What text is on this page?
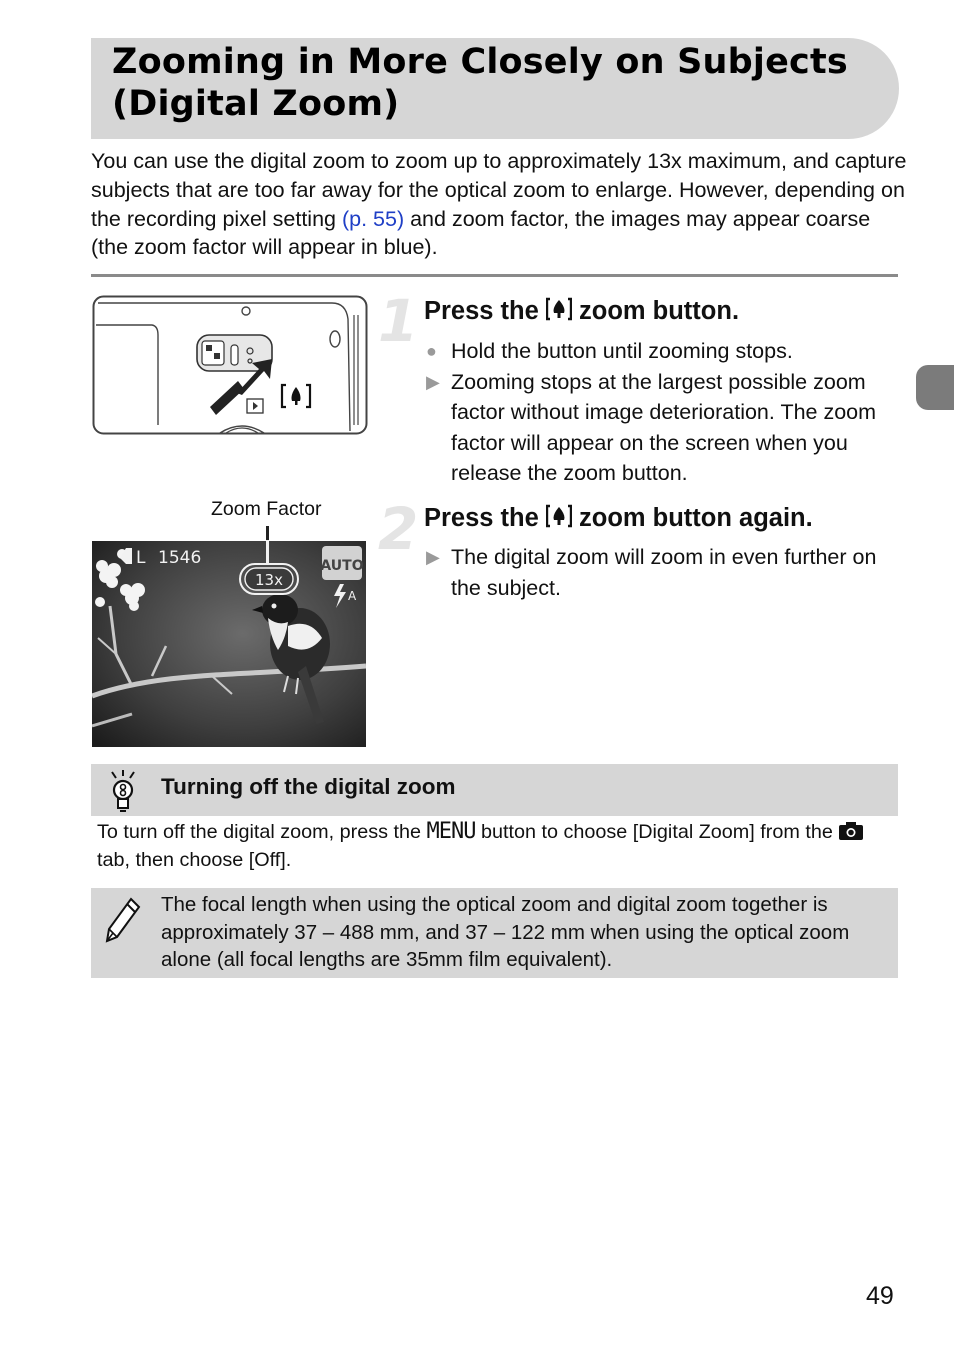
Zooming in More Closely on Subjects (Digital Zoom)
You can use the digital zoom to zoom up to approximately 13x maximum, and capture subjects that are too far away for the optical zoom to enlarge. However, depending on the recording pixel setting (p. 55) and zoom factor, the images may appear coarse (the zoom factor will appear in blue).
Zoom Factor
L 1546
13x
AUTO
A
1 Press the  zoom button.
● Hold the button until zooming stops.
▶ Zooming stops at the largest possible zoom factor without image deterioration. The zoom factor will appear on the screen when you release the zoom button.
2 Press the  zoom button again.
▶ The digital zoom will zoom in even further on the subject.
Turning off the digital zoom
To turn off the digital zoom, press the MENU button to choose [Digital Zoom] from the  tab, then choose [Off].
The focal length when using the optical zoom and digital zoom together is approximately 37 – 488 mm, and 37 – 122 mm when using the optical zoom alone (all focal lengths are 35mm film equivalent).
49
